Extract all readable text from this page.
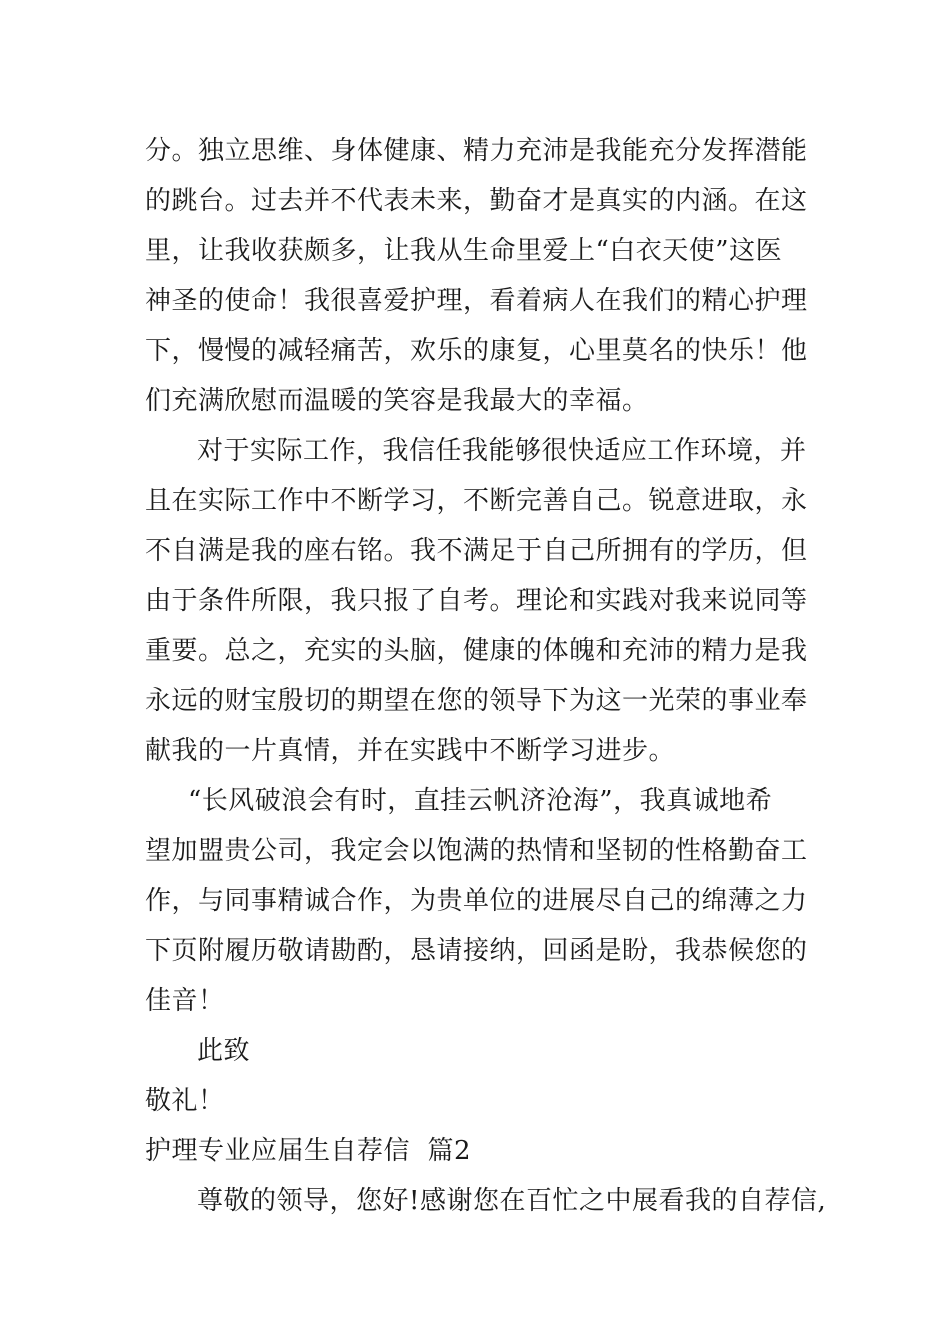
分。独立思维、身体健康、精力充沛是我能充分发挥潜能
的跳台。过去并不代表未来，勤奋才是真实的内涵。在这
里，让我收获颇多，让我从生命里爱上“白衣天使”这医
神圣的使命！我很喜爱护理，看着病人在我们的精心护理
下，慢慢的减轻痛苦，欢乐的康复，心里莫名的快乐！他
们充满欣慰而温暖的笑容是我最大的幸福。
对于实际工作，我信任我能够很快适应工作环境，并
且在实际工作中不断学习，不断完善自己。锐意进取，永
不自满是我的座右铭。我不满足于自己所拥有的学历，但
由于条件所限，我只报了自考。理论和实践对我来说同等
重要。总之，充实的头脑，健康的体魄和充沛的精力是我
永远的财宝殷切的期望在您的领导下为这一光荣的事业奉
献我的一片真情，并在实践中不断学习进步。
“长风破浪会有时，直挂云帆济沧海”，我真诚地希
望加盟贵公司，我定会以饱满的热情和坚韧的性格勤奋工
作，与同事精诚合作，为贵单位的进展尽自己的绵薄之力
下页附履历敬请勘酌，恳请接纳，回函是盼，我恭候您的
佳音！
此致
敬礼！
护理专业应届生自荐信  篇2
尊敬的领导，您好!感谢您在百忙之中展看我的自荐信,
